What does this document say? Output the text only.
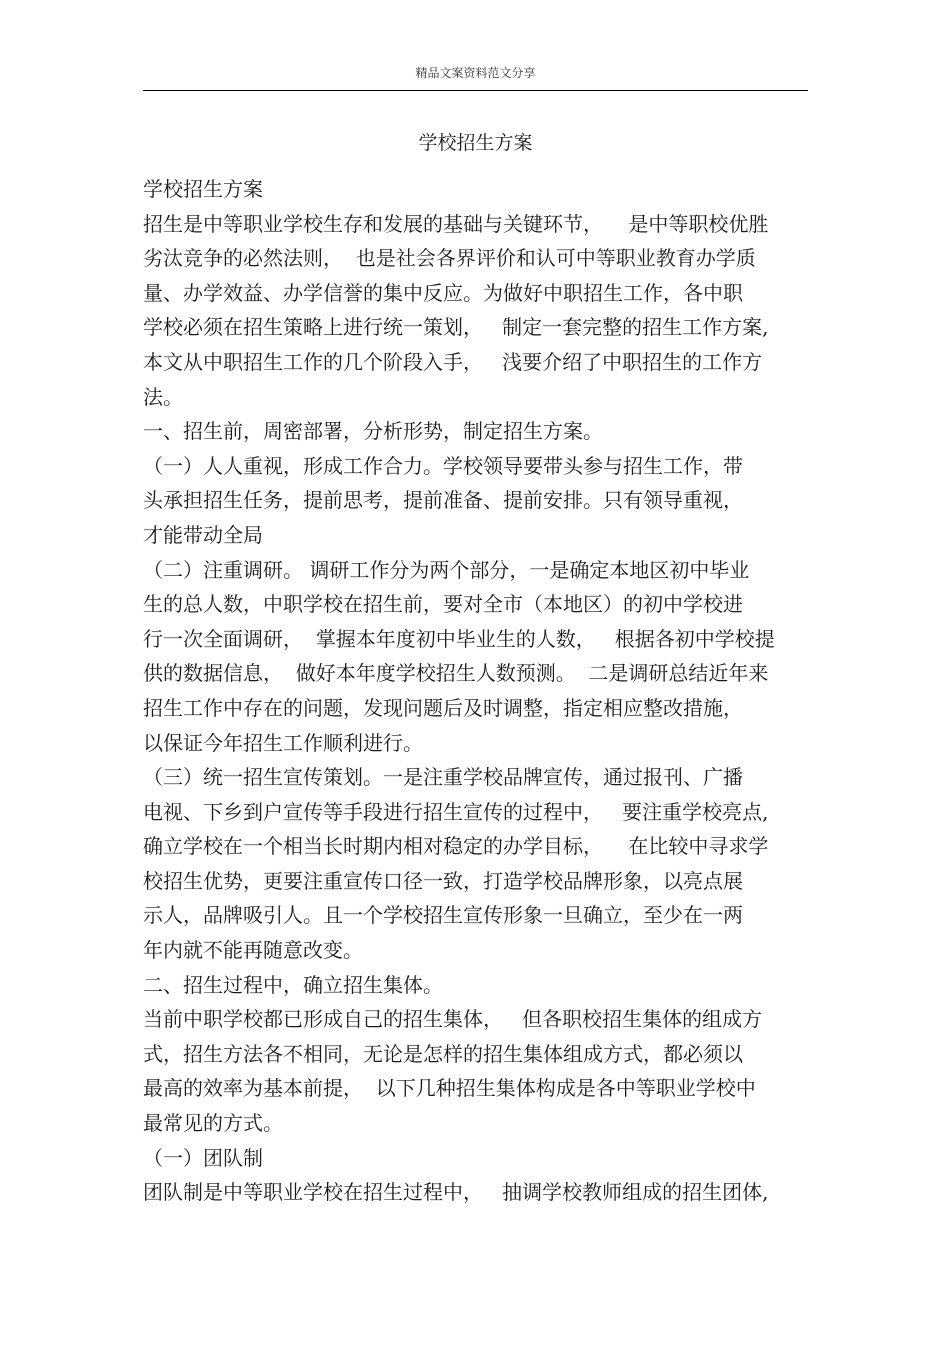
精品文案资料范文分享
学校招生方案
学校招生方案
招生是中等职业学校生存和发展的基础与关键环节，    是中等职校优胜
劣汰竞争的必然法则，  也是社会各界评价和认可中等职业教育办学质
量、办学效益、办学信誉的集中反应。为做好中职招生工作，各中职
学校必须在招生策略上进行统一策划，   制定一套完整的招生工作方案,
本文从中职招生工作的几个阶段入手，   浅要介绍了中职招生的工作方
法。
一、招生前，周密部署，分析形势，制定招生方案。
（一）人人重视，形成工作合力。学校领导要带头参与招生工作，带
头承担招生任务，提前思考，提前准备、提前安排。只有领导重视，
才能带动全局
（二）注重调研。 调研工作分为两个部分，一是确定本地区初中毕业
生的总人数，中职学校在招生前，要对全市（本地区）的初中学校进
行一次全面调研，  掌握本年度初中毕业生的人数，   根据各初中学校提
供的数据信息，  做好本年度学校招生人数预测。  二是调研总结近年来
招生工作中存在的问题，发现问题后及时调整，指定相应整改措施，
以保证今年招生工作顺利进行。
（三）统一招生宣传策划。一是注重学校品牌宣传，通过报刊、广播
电视、下乡到户宣传等手段进行招生宣传的过程中，   要注重学校亮点,
确立学校在一个相当长时期内相对稳定的办学目标，    在比较中寻求学
校招生优势，更要注重宣传口径一致，打造学校品牌形象，以亮点展
示人，品牌吸引人。且一个学校招生宣传形象一旦确立，至少在一两
年内就不能再随意改变。
二、招生过程中，确立招生集体。
当前中职学校都已形成自己的招生集体，   但各职校招生集体的组成方
式，招生方法各不相同，无论是怎样的招生集体组成方式，都必须以
最高的效率为基本前提，  以下几种招生集体构成是各中等职业学校中
最常见的方式。
（一）团队制
团队制是中等职业学校在招生过程中，   抽调学校教师组成的招生团体,
